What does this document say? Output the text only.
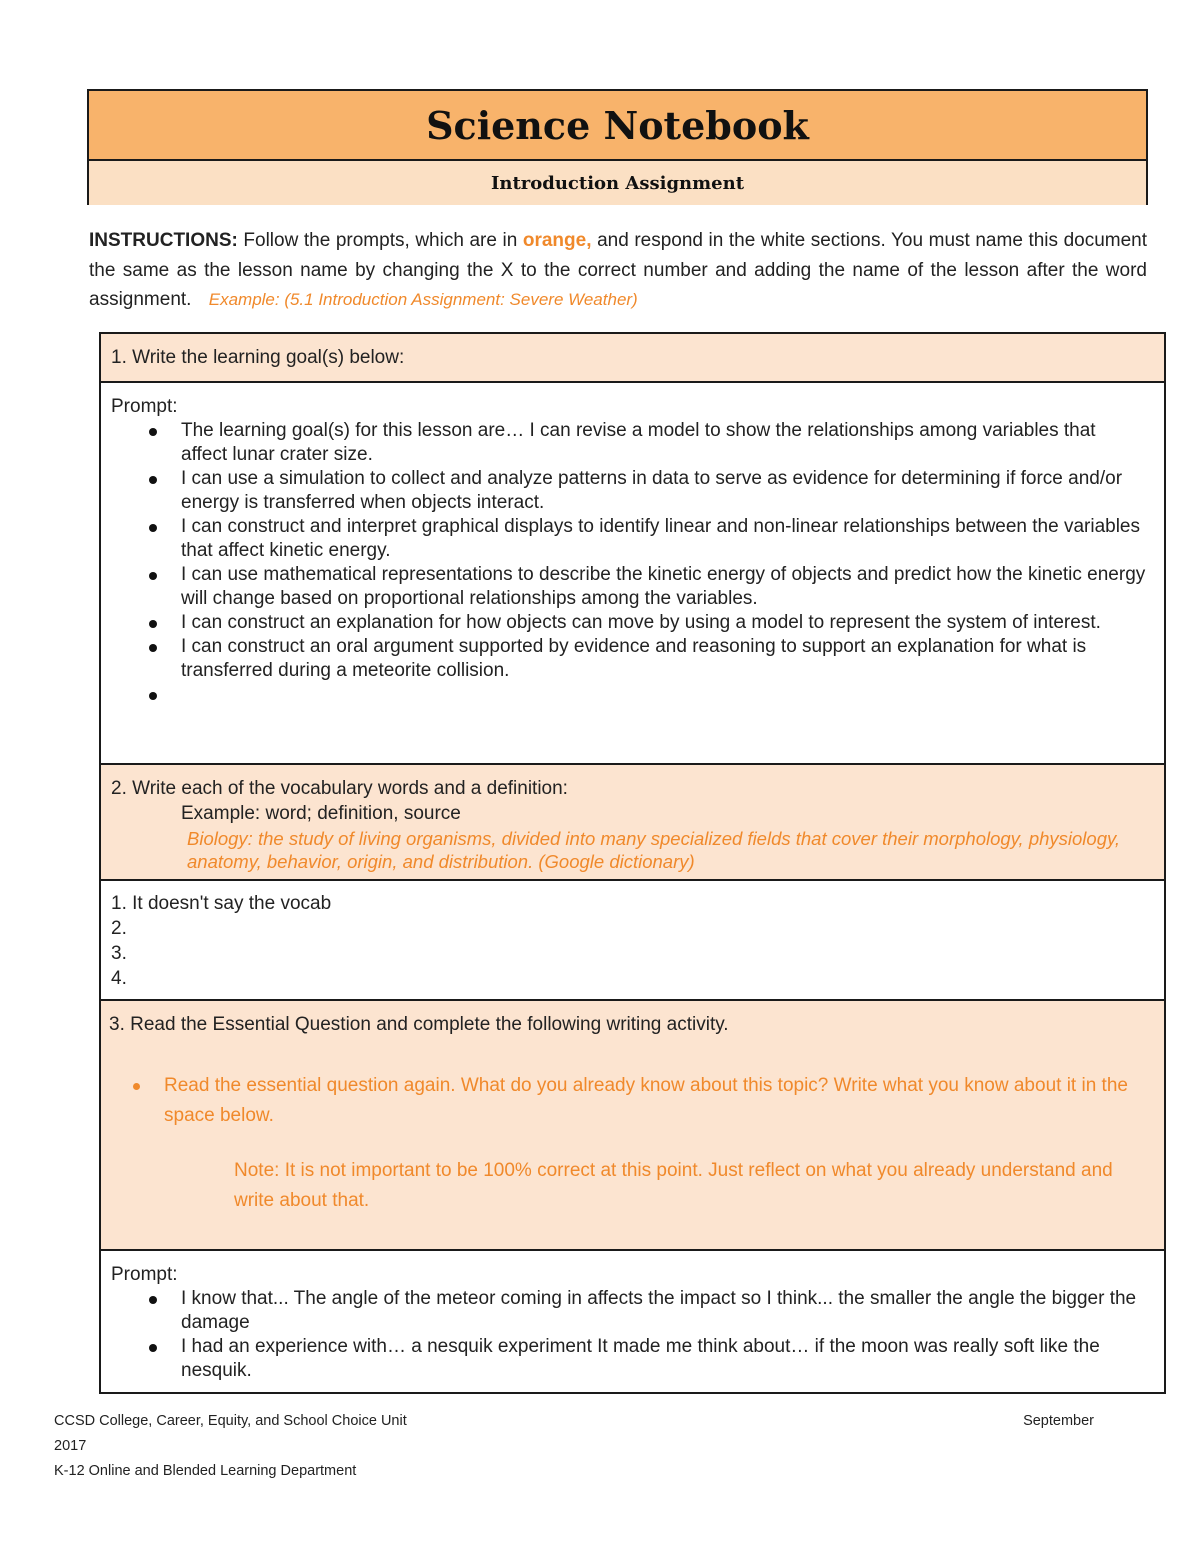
Science Notebook
Introduction Assignment
INSTRUCTIONS: Follow the prompts, which are in orange, and respond in the white sections. You must name this document the same as the lesson name by changing the X to the correct number and adding the name of the lesson after the word assignment. Example: (5.1 Introduction Assignment: Severe Weather)
1. Write the learning goal(s) below:
Prompt:
The learning goal(s) for this lesson are… I can revise a model to show the relationships among variables that affect lunar crater size.
I can use a simulation to collect and analyze patterns in data to serve as evidence for determining if force and/or energy is transferred when objects interact.
I can construct and interpret graphical displays to identify linear and non-linear relationships between the variables that affect kinetic energy.
I can use mathematical representations to describe the kinetic energy of objects and predict how the kinetic energy will change based on proportional relationships among the variables.
I can construct an explanation for how objects can move by using a model to represent the system of interest.
I can construct an oral argument supported by evidence and reasoning to support an explanation for what is transferred during a meteorite collision.
2. Write each of the vocabulary words and a definition:
Example: word; definition, source
Biology: the study of living organisms, divided into many specialized fields that cover their morphology, physiology, anatomy, behavior, origin, and distribution. (Google dictionary)
1. It doesn't say the vocab
2.
3.
4.
3. Read the Essential Question and complete the following writing activity.
Read the essential question again. What do you already know about this topic? Write what you know about it in the space below.
Note: It is not important to be 100% correct at this point. Just reflect on what you already understand and write about that.
Prompt:
I know that... The angle of the meteor coming in affects the impact so I think... the smaller the angle the bigger the damage
I had an experience with… a nesquik experiment It made me think about… if the moon was really soft like the nesquik.
CCSD College, Career, Equity, and School Choice Unit	September
2017
K-12 Online and Blended Learning Department
